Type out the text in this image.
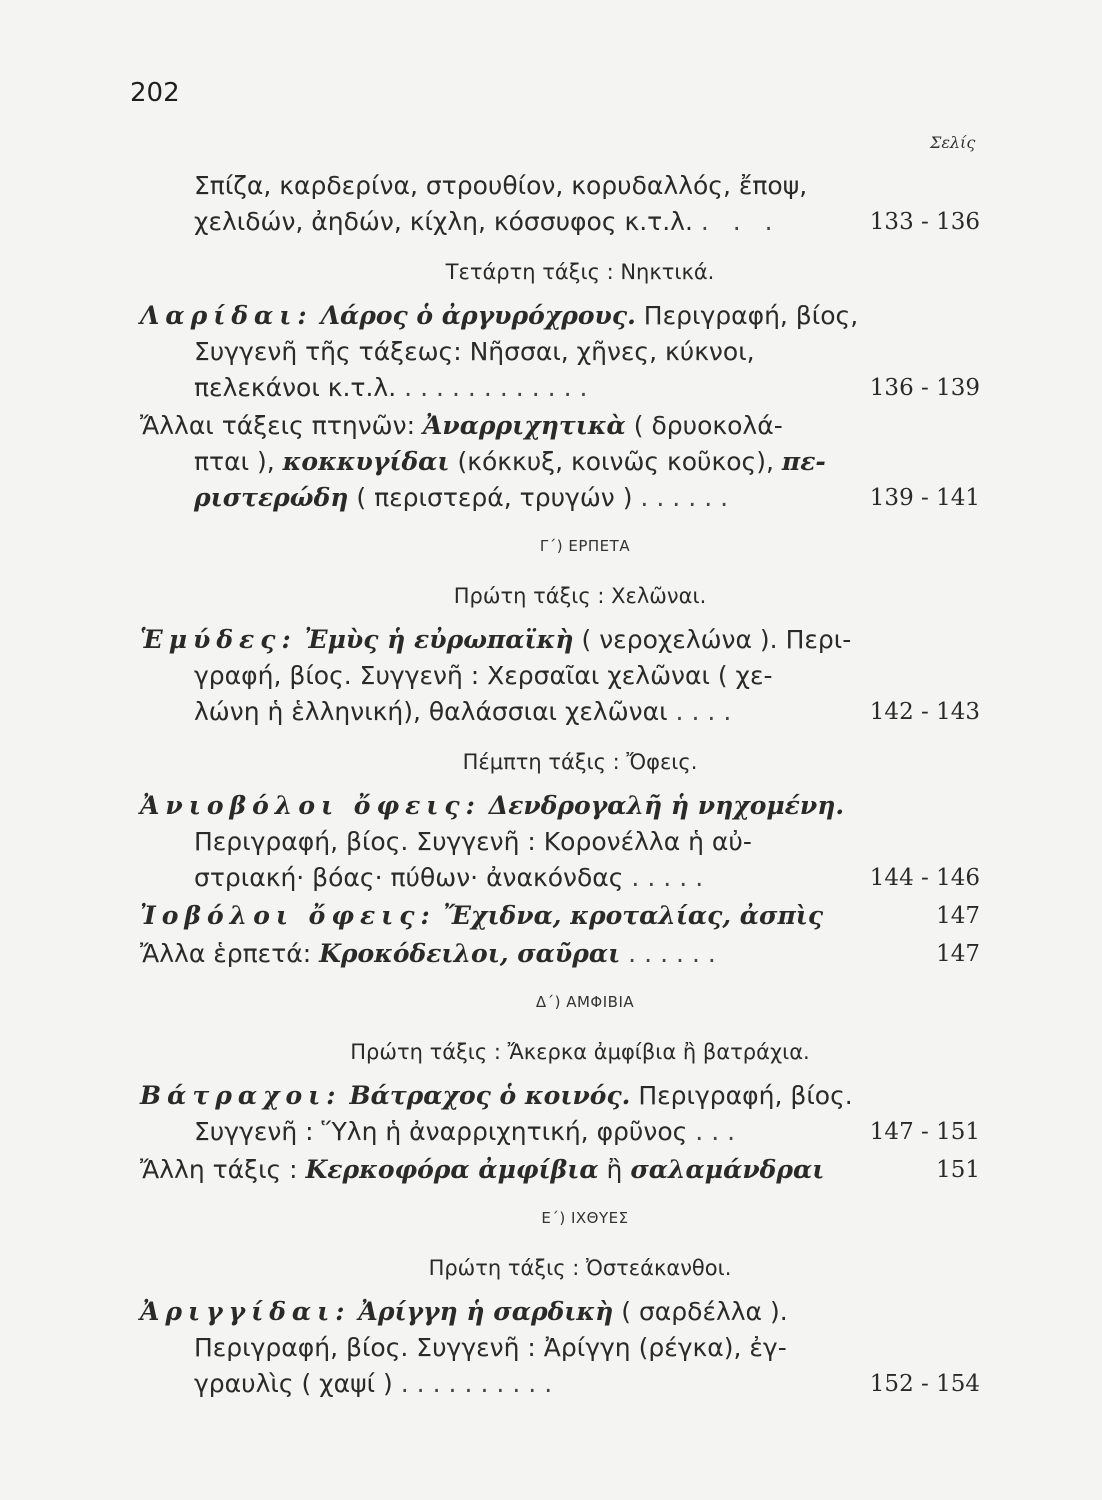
202
Σελίς
Σπίζα, καρδερίνα, στρουθίον, κορυδαλλός, ἔποψ,
χελιδών, ἀηδών, κίχλη, κόσσυφος κ.τ.λ. . . .	133 - 136
Τετάρτη τάξις : Νηκτικά.
Λαρίδαι: Λάρος ὁ ἀργυρόχρους. Περιγραφή, βίος,
Συγγενῆ τῆς τάξεως: Νῆσσαι, χῆνες, κύκνοι,
πελεκάνοι κ.τ.λ. ............	136 - 139
Ἄλλαι τάξεις πτηνῶν: Ἀναρριχητικὰ ( δρυοκολά-
πται ), κοκκυγίδαι (κόκκυξ, κοινῶς κοῦκος), πε-
ριστερώδη ( περιστερά, τρυγών ) ......	139 - 141
Γ´) ΕΡΠΕΤΑ
Πρώτη τάξις : Χελῶναι.
Ἑμύδες: Ἐμὺς ἡ εὐρωπαϊκὴ ( νεροχελώνα ). Περι-
γραφή, βίος. Συγγενῆ : Χερσαῖαι χελῶναι ( χε-
λώνη ἡ ἑλληνική), θαλάσσιαι χελῶναι ....	142 - 143
Πέμπτη τάξις : Ὄφεις.
Ἀνιοβόλοι ὄφεις: Δενδρογαλῆ ἡ νηχομένη.
Περιγραφή, βίος. Συγγενῆ : Κορονέλλα ἡ αὐ-
στριακή· βόας· πύθων· ἀνακόνδας .....	144 - 146
Ἰοβόλοι ὄφεις: Ἔχιδνα, κροταλίας, ἀσπὶς	147
Ἄλλα ἑρπετά: Κροκόδειλοι, σαῦραι ......	147
Δ´) ΑΜΦΙΒΙΑ
Πρώτη τάξις : Ἄκερκα ἀμφίβια ἢ βατράχια.
Βάτραχοι: Βάτραχος ὁ κοινός. Περιγραφή, βίος.
Συγγενῆ : Ὕλη ἡ ἀναρριχητική, φρῦνος ...	147 - 151
Ἄλλη τάξις : Κερκοφόρα ἀμφίβια ἢ σαλαμάνδραι	151
Ε´) ΙΧΘΥΕΣ
Πρώτη τάξις : Ὀστεάκανθοι.
Ἀριγγίδαι: Ἀρίγγη ἡ σαρδικὴ ( σαρδέλλα ).
Περιγραφή, βίος. Συγγενῆ : Ἀρίγγη (ρέγκα), ἐγ-
γραυλὶς ( χαψί ) ..........	152 - 154
